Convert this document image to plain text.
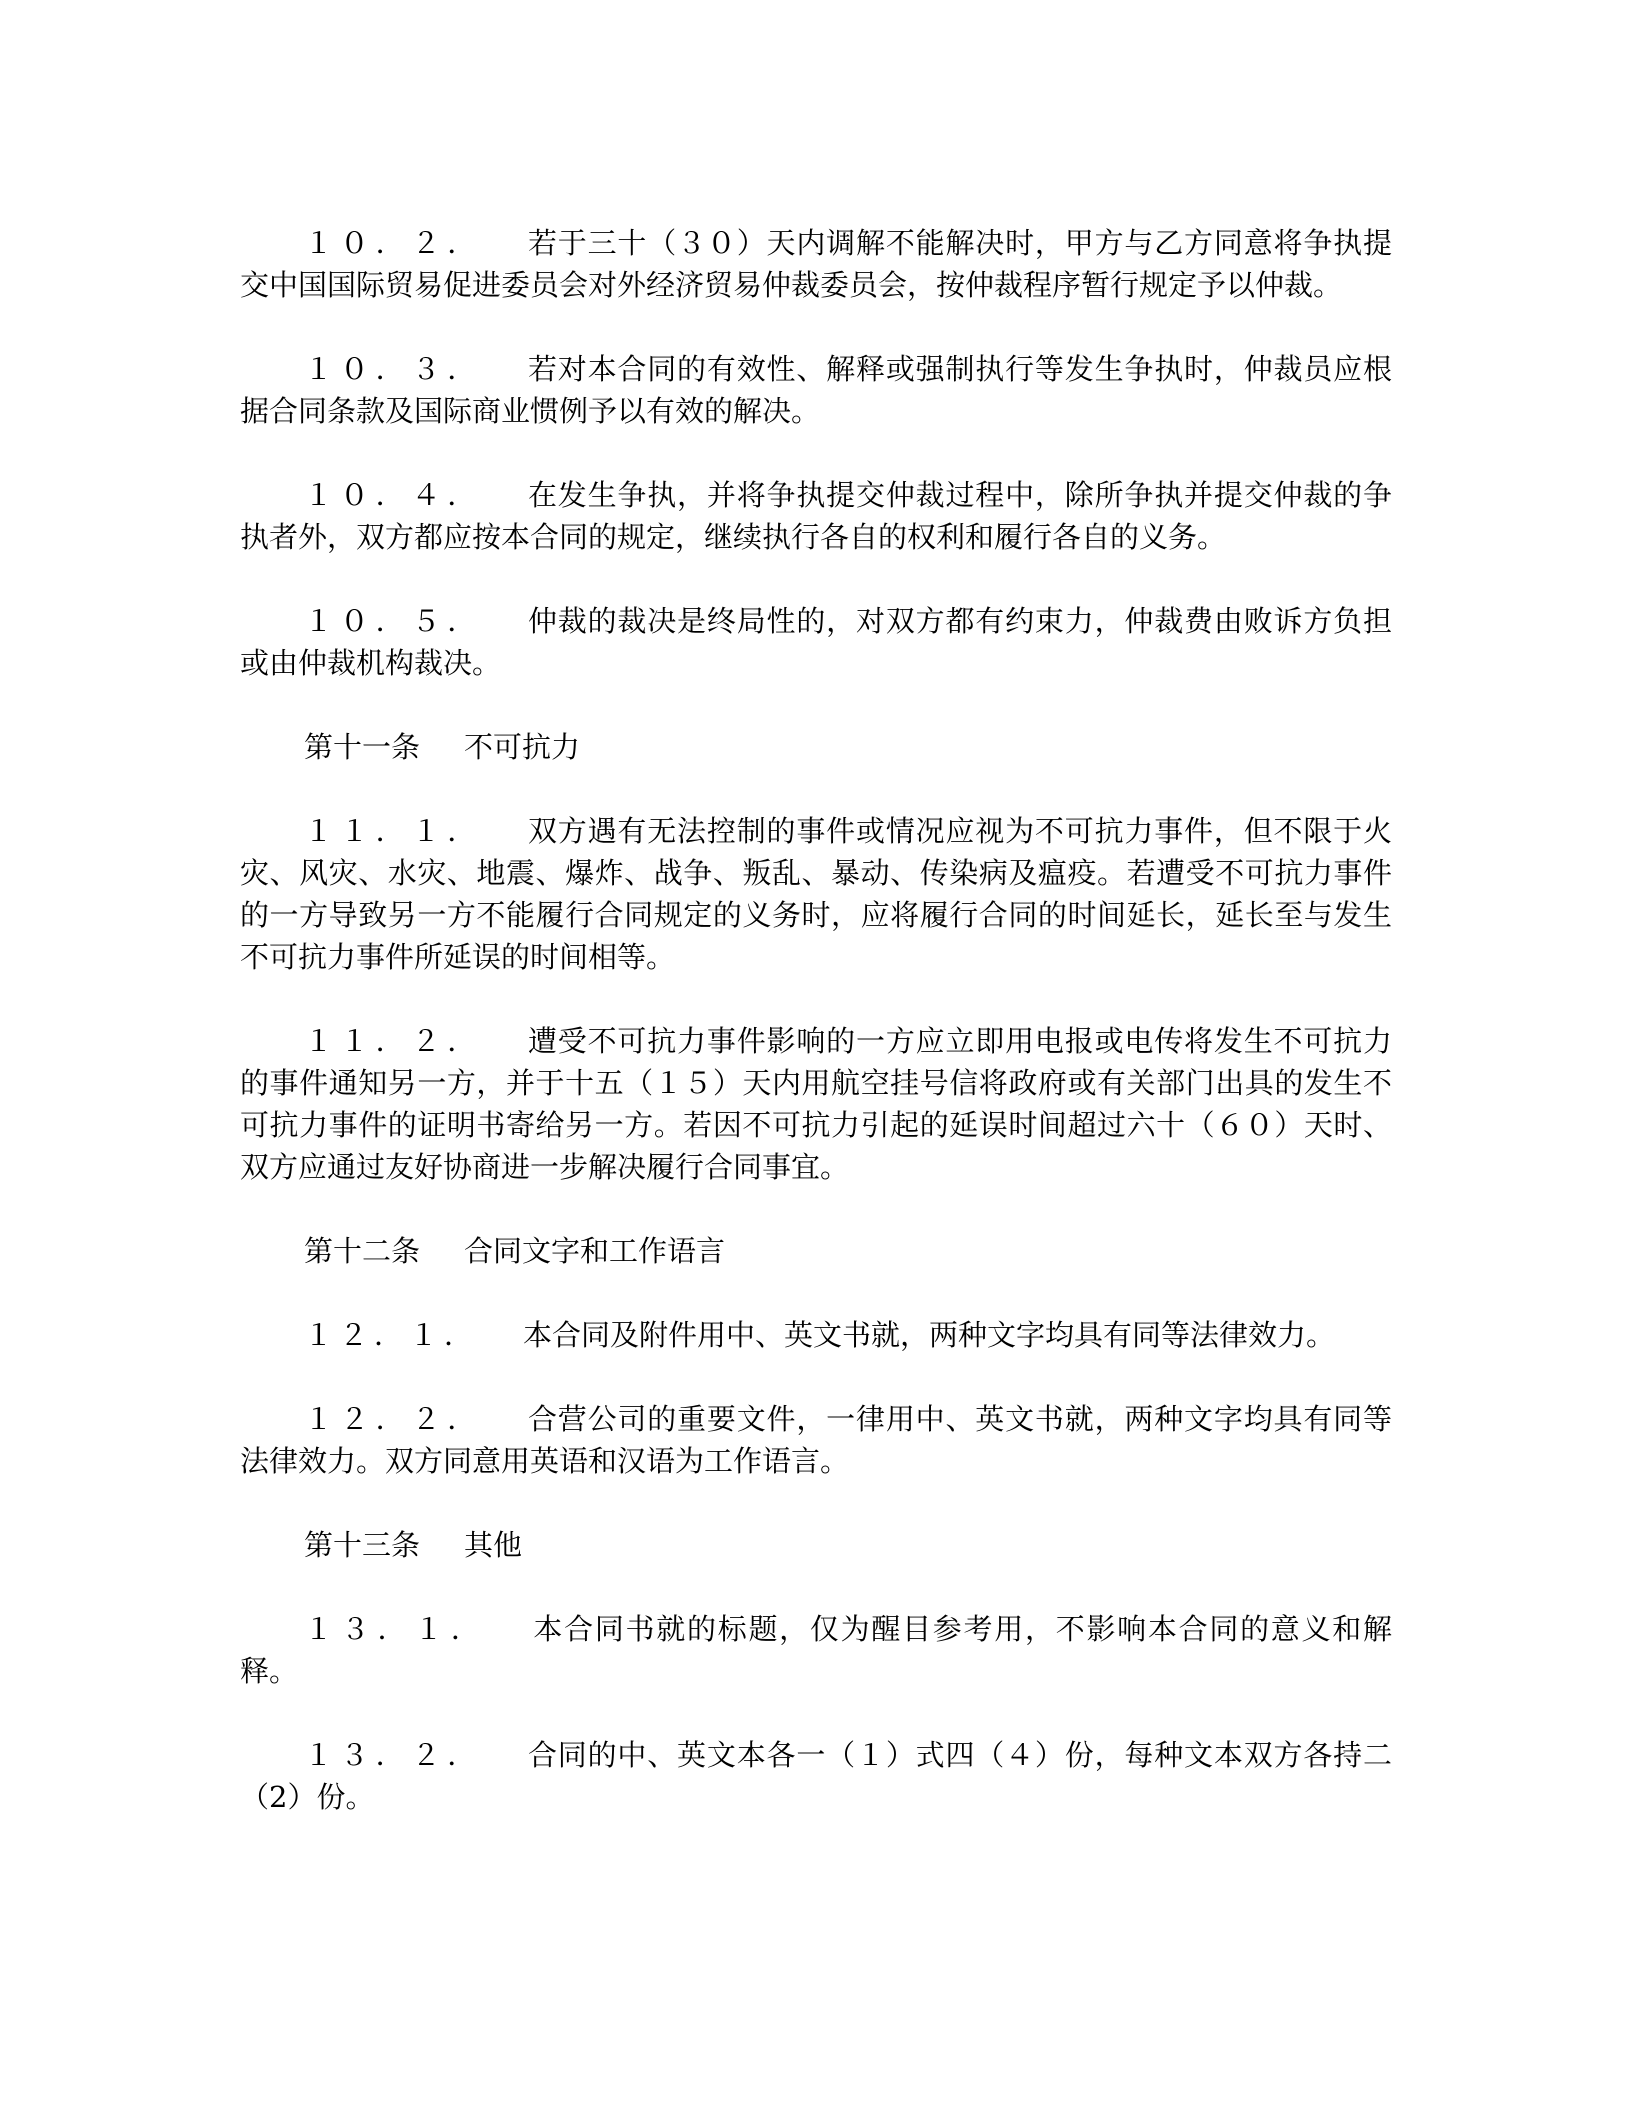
１０．２． 若于三十（３０）天内调解不能解决时，甲方与乙方同意将争执提交中国国际贸易促进委员会对外经济贸易仲裁委员会，按仲裁程序暂行规定予以仲裁。

１０．３． 若对本合同的有效性、解释或强制执行等发生争执时，仲裁员应根据合同条款及国际商业惯例予以有效的解决。

１０．４． 在发生争执，并将争执提交仲裁过程中，除所争执并提交仲裁的争执者外，双方都应按本合同的规定，继续执行各自的权利和履行各自的义务。

１０．５． 仲裁的裁决是终局性的，对双方都有约束力，仲裁费由败诉方负担或由仲裁机构裁决。

第十一条 不可抗力

１１．１． 双方遇有无法控制的事件或情况应视为不可抗力事件，但不限于火灾、风灾、水灾、地震、爆炸、战争、叛乱、暴动、传染病及瘟疫。若遭受不可抗力事件的一方导致另一方不能履行合同规定的义务时，应将履行合同的时间延长，延长至与发生不可抗力事件所延误的时间相等。

１１．２． 遭受不可抗力事件影响的一方应立即用电报或电传将发生不可抗力的事件通知另一方，并于十五（１５）天内用航空挂号信将政府或有关部门出具的发生不可抗力事件的证明书寄给另一方。若因不可抗力引起的延误时间超过六十（６０）天时、双方应通过友好协商进一步解决履行合同事宜。

第十二条 合同文字和工作语言

１２．１． 本合同及附件用中、英文书就，两种文字均具有同等法律效力。

１２．２． 合营公司的重要文件，一律用中、英文书就，两种文字均具有同等法律效力。双方同意用英语和汉语为工作语言。

第十三条 其他

１３．１． 本合同书就的标题，仅为醒目参考用，不影响本合同的意义和解释。

１３．２． 合同的中、英文本各一（１）式四（４）份，每种文本双方各持二（2）份。
